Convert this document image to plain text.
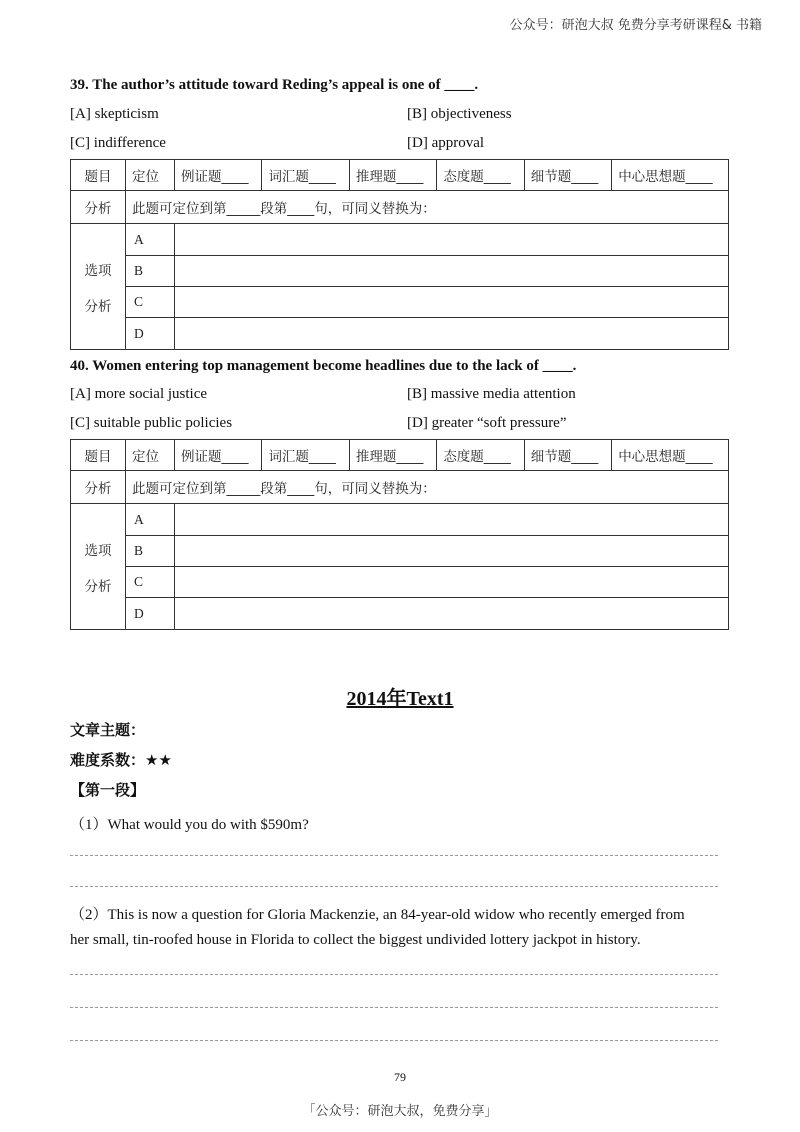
公众号：研泡大叔 免费分享考研课程& 书籍
39. The author’s attitude toward Reding’s appeal is one of ____.
[A] skepticism	[B] objectiveness
[C] indifference	[D] approval
题目	定位	例证题____	词汇题____	推理题____	态度题____	细节题____	中心思想题____
分析	此题可定位到第_____段第____句，可同义替换为：						
选项

分析	A						
	B						
	C						
	D						
40. Women entering top management become headlines due to the lack of ____.
[A] more social justice	[B] massive media attention
[C] suitable public policies	[D] greater “soft pressure”
题目	定位	例证题____	词汇题____	推理题____	态度题____	细节题____	中心思想题____
分析	此题可定位到第_____段第____句，可同义替换为：						
选项

分析	A						
	B						
	C						
	D						
2014年Text1
文章主题：
难度系数：★★
【第一段】
（1）What would you do with $590m?
（2）This is now a question for Gloria Mackenzie, an 84-year-old widow who recently emerged from
her small, tin-roofed house in Florida to collect the biggest undivided lottery jackpot in history.
79
「公众号：研泡大叔，免费分享」
